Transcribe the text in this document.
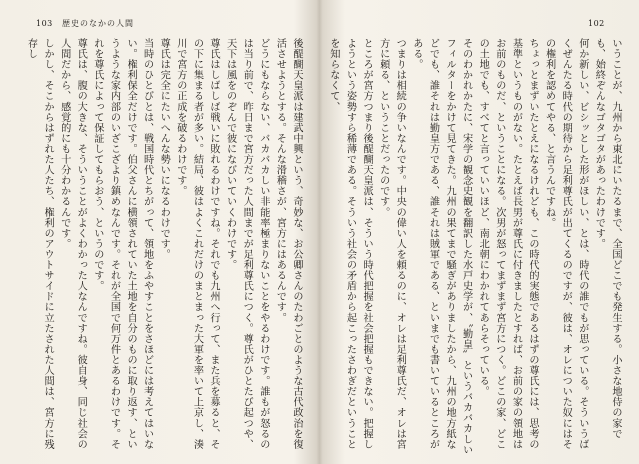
103 歴史のなかの人間

後醍醐天皇派は建武中興という、奇妙な、お公卿さんのたわごとのような古代政治を復活させようとする。そんな滑稽さが、宮方にはあるんです。

どうにもならない、バカバカしい非能率極まりないことをやるわけです。誰もが怒るのは当り前で、昨日まで宮方だった人間までが足利尊氏につく。尊氏がひとたび起つや、天下は風をのぞんで彼になびいていくわけです。

尊氏はしばしば戦いに敗れるわけですね。それでも九州へ行って、また兵を募ると、その下に集まる者が多い。結局、彼はよくこれだけのまとまった大軍を率いて上京し、湊川で宮方の正成を破るわけです。

尊氏は完全にたいへんな勢いになるわけです。

当時のひとびとは、戦国時代とちがって、領地をふやすことをさほどには考えてはいない。権利保全だけです。伯父さんに横領されていた土地を自分のものに取り返す、というような家内部のいざこざより鎮めなんです。それが全国で何万件とあるわけです。それを尊氏によって保証してもらおう、というのです。

尊氏は、腹の大きな、そういうことがよくわかった人なんですね。彼自身、同じ社会の人間だから、感覚的にも十分わかるんです。

しかし、そこからはずれた人たち、権利のアウトサイドに立たされた人間は、宮方に残存し

102

いうことが、九州から東北にいたるまで、全国どこでも発生する。小さな地侍の家でも、始終ぞんなゴタゴタがあったわけです。

何か新しい、ビシッとした形がほしい、とは、時代の誰でもが思っている。そういうばくぜんたる時代の期待から足利尊氏が出てくるのですが、彼は、オレについた奴にはその権利を認めてやる、と言うんですね。

ちょっとまずいたとえになるけれども、この時代的実態であるはずの尊氏には、思考の基準というものがない。たとえば長男が尊氏に付きましたとすれば、お前の家の領地はお前のものだ、ということになる。次男が怒ってまずまず宮方につく。どこの家、どこの土地でも、すべてと言っていいほど、南北朝にわかれてあらそっている。

そのわかれかたに、宋学の観念史観を翻訳した水戸史学が、〝勤皇〟というバカバカしいフィルターをかけて見てきた。九州の果てまで騒ぎがありましたから、九州の地方紙などでも、誰それは勤皇方である、誰それは賊軍である、といまでも書いているところがある。

つまりは相続の争いなんです。中央の偉い人を頼るのに、オレは足利尊氏だ、オレは宮方に頼る、ということだったのです。

ところが宮方つまり後醍醐天皇派は、そういう時代把握を社会把握もできない。把握しようという姿勢すら稀薄である。そういう社会の矛盾から起こったさわぎだということを知らなくて、
